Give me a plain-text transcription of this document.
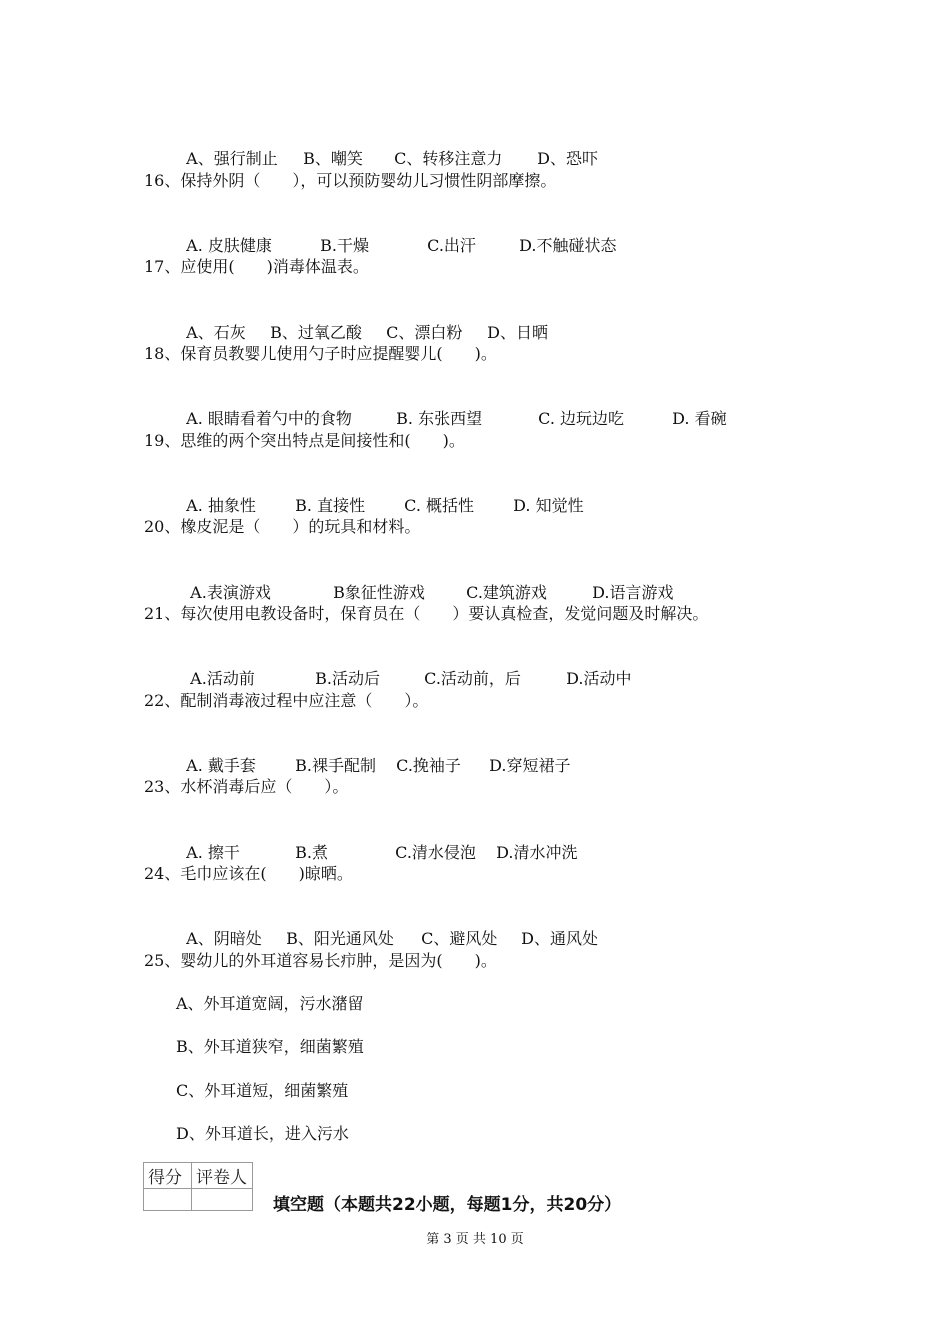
A、强行制止 B、嘲笑 C、转移注意力 D、恐吓

16、保持外阴（　　），可以预防婴幼儿习惯性阴部摩擦。

A. 皮肤健康	B.干燥	C.出汗	D.不触碰状态

17、应使用(　　)消毒体温表。

A、石灰 B、过氧乙酸 C、漂白粉 D、日晒

18、保育员教婴儿使用勺子时应提醒婴儿(　　)。

A. 眼睛看着勺中的食物	B. 东张西望	C. 边玩边吃	D. 看碗

19、思维的两个突出特点是间接性和(　　)。

A. 抽象性 B. 直接性 C. 概括性 D. 知觉性

20、橡皮泥是（　　）的玩具和材料。

A.表演游戏	B象征性游戏	C.建筑游戏	D.语言游戏

21、每次使用电教设备时，保育员在（　　）要认真检查，发觉问题及时解决。

A.活动前	B.活动后	C.活动前，后	D.活动中

22、配制消毒液过程中应注意（　　）。

A. 戴手套 B.裸手配制 C.挽袖子 D.穿短裙子

23、水杯消毒后应（　　）。

A. 擦干	B.煮	C.清水侵泡 D.清水冲洗

24、毛巾应该在(　　)晾晒。

A、阴暗处 B、阳光通风处 C、避风处 D、通风处

25、婴幼儿的外耳道容易长疖肿，是因为(　　)。
A、外耳道宽阔，污水潴留
B、外耳道狭窄，细菌繁殖
C、外耳道短，细菌繁殖
D、外耳道长，进入污水
得分	评卷人

填空题（本题共22小题，每题1分，共20分）
第 3 页 共 10 页
